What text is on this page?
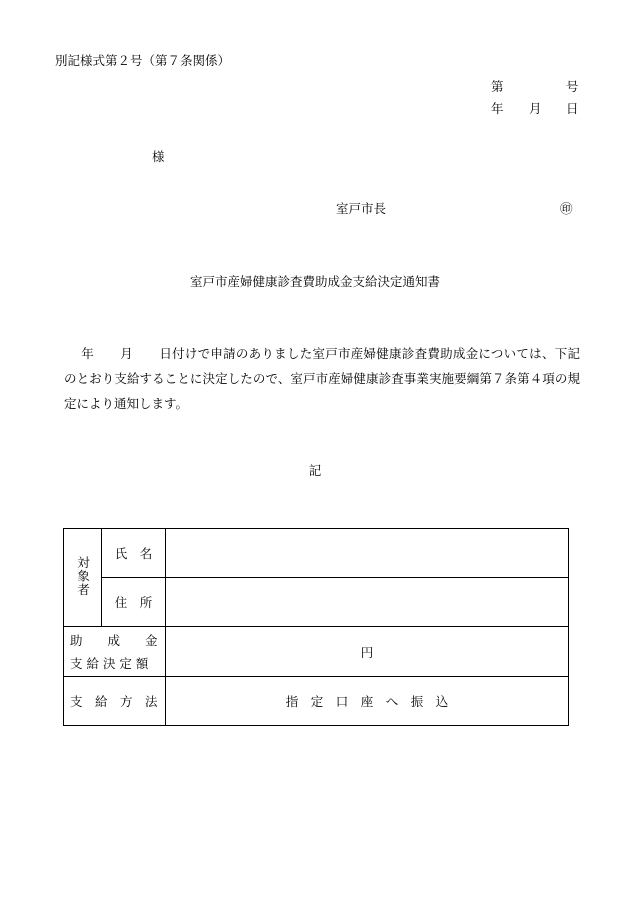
別記様式第２号（第７条関係）
第	号
年 月 日
様
室戸市長	㊞
室戸市産婦健康診査費助成金支給決定通知書
年 月 日付けで申請のありました室戸市産婦健康診査費助成金については、下記のとおり支給することに決定したので、室戸市産婦健康診査事業実施要綱第７条第４項の規定により通知します。
記
対象者	氏　名	
	住　所	

助　　成　　金
支 給 決 定 額		円
支　給　方　法		指　定　口　座　へ　振　込
